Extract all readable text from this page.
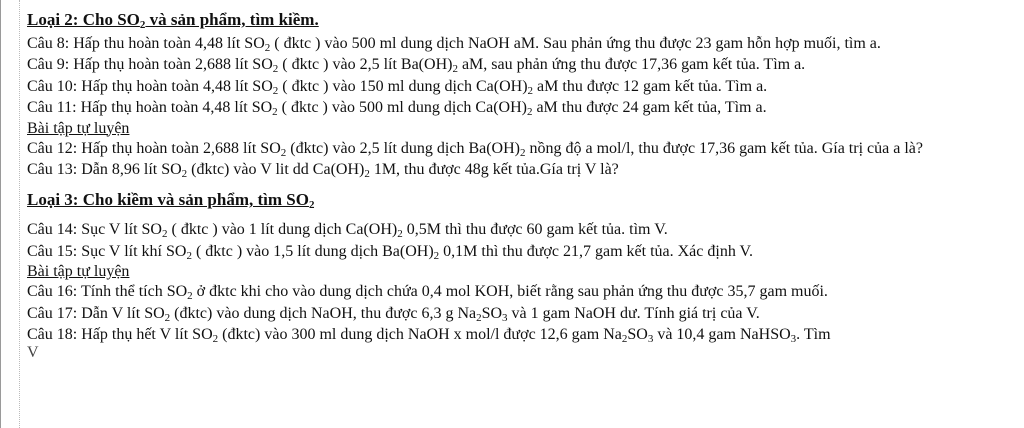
Loại 2: Cho $SO_2$ và sản phẩm, tìm kiềm.

Câu 8: Hấp thu hoàn toàn 4,48 lít $SO_2$ ( đktc ) vào 500 ml dung dịch NaOH aM. Sau phản ứng thu được 23 gam hỗn hợp muối, tìm a.

Câu 9: Hấp thụ hoàn toàn 2,688 lít $SO_2$ ( đktc ) vào 2,5 lít $Ba(OH)_2$ aM, sau phản ứng thu được 17,36 gam kết tủa. Tìm a.

Câu 10: Hấp thụ hoàn toàn 4,48 lít $SO_2$ ( đktc ) vào 150 ml dung dịch $Ca(OH)_2$ aM thu được 12 gam kết tủa. Tìm a.

Câu 11: Hấp thụ hoàn toàn 4,48 lít $SO_2$ ( đktc ) vào 500 ml dung dịch $Ca(OH)_2$ aM thu được 24 gam kết tủa, Tìm a.

Bài tập tự luyện

Câu 12: Hấp thụ hoàn toàn 2,688 lít $SO_2$ (đktc) vào 2,5 lít dung dịch $Ba(OH)_2$ nồng độ a mol/l, thu được 17,36 gam kết tủa. Gía trị của a là?

Câu 13: Dẫn 8,96 lít $SO_2$ (đktc) vào V lit dd $Ca(OH)_2$ 1M, thu được 48g kết tủa.Gía trị V là?

Loại 3: Cho kiềm và sản phẩm, tìm $SO_2$

Câu 14: Sục V lít $SO_2$ ( đktc ) vào 1 lít dung dịch $Ca(OH)_2$ 0,5M thì thu được 60 gam kết tủa. tìm V.

Câu 15: Sục V lít khí $SO_2$ ( đktc ) vào 1,5 lít dung dịch $Ba(OH)_2$ 0,1M thì thu được 21,7 gam kết tủa. Xác định V.

Bài tập tự luyện

Câu 16: Tính thể tích $SO_2$ ở đktc khi cho vào dung dịch chứa 0,4 mol KOH, biết rằng sau phản ứng thu được 35,7 gam muối.

Câu 17: Dẫn V lít $SO_2$ (đktc) vào dung dịch NaOH, thu được 6,3 g $Na_2SO_3$ và 1 gam NaOH dư. Tính giá trị của V.

Câu 18: Hấp thụ hết V lít $SO_2$ (đktc) vào 300 ml dung dịch NaOH x mol/l được 12,6 gam $Na_2SO_3$ và 10,4 gam NaHSO$_3$. Tìm

V
